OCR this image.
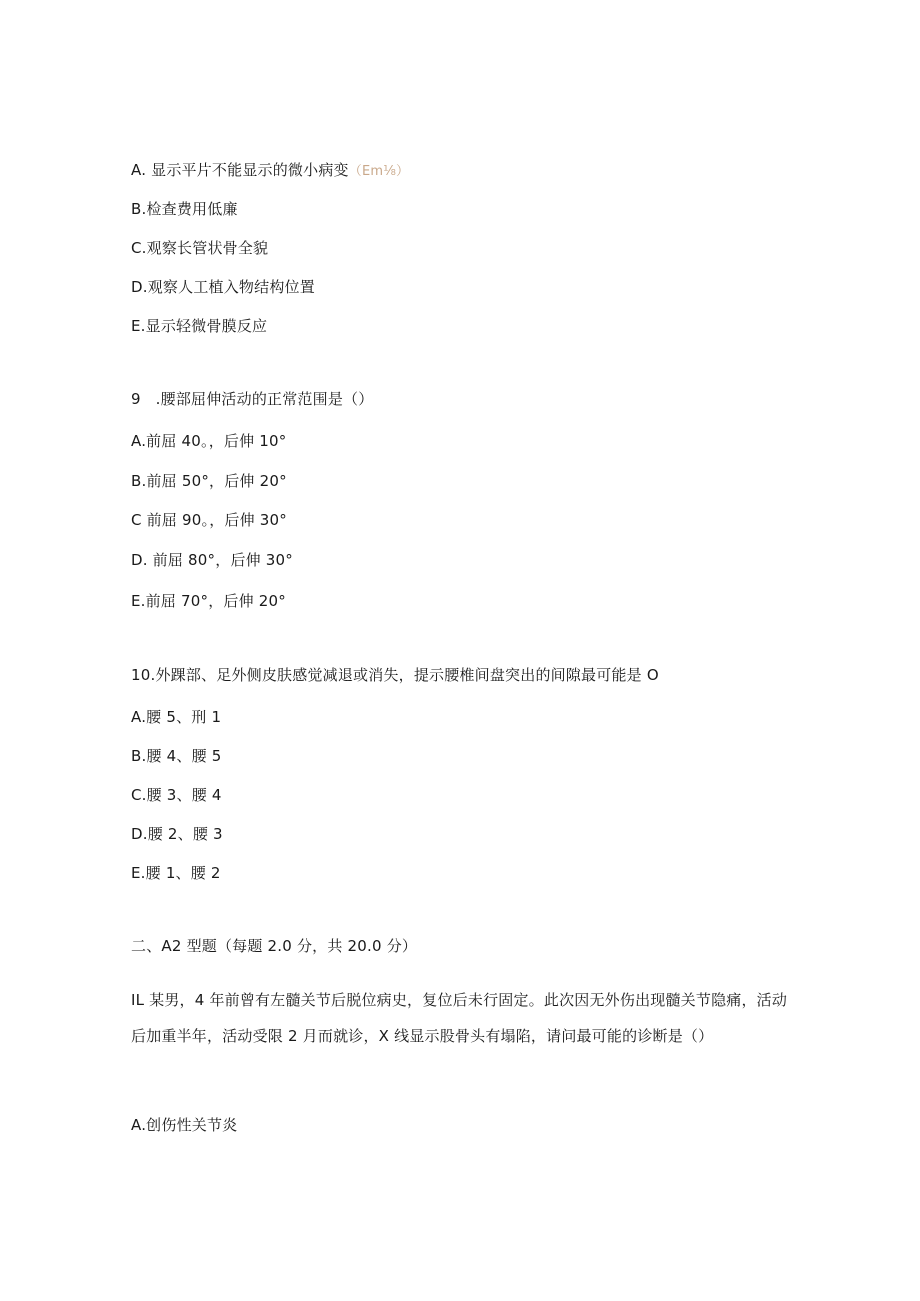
A. 显示平片不能显示的微小病变（Em⅛）
B.检查费用低廉
C.观察长管状骨全貌
D.观察人工植入物结构位置
E.显示轻微骨膜反应
9   .腰部屈伸活动的正常范围是（）
A.前屈 40。，后伸 10°
B.前屈 50°，后伸 20°
C 前屈 90。，后伸 30°
D. 前屈 80°，后伸 30°
E.前屈 70°，后伸 20°
10.外踝部、足外侧皮肤感觉减退或消失，提示腰椎间盘突出的间隙最可能是 O
A.腰 5、刑 1
B.腰 4、腰 5
C.腰 3、腰 4
D.腰 2、腰 3
E.腰 1、腰 2
二、A2 型题（每题 2.0 分，共 20.0 分）
IL 某男，4 年前曾有左髓关节后脱位病史，复位后未行固定。此次因无外伤出现髓关节隐痛，活动后加重半年，活动受限 2 月而就诊，X 线显示股骨头有塌陷，请问最可能的诊断是（）
A.创伤性关节炎
